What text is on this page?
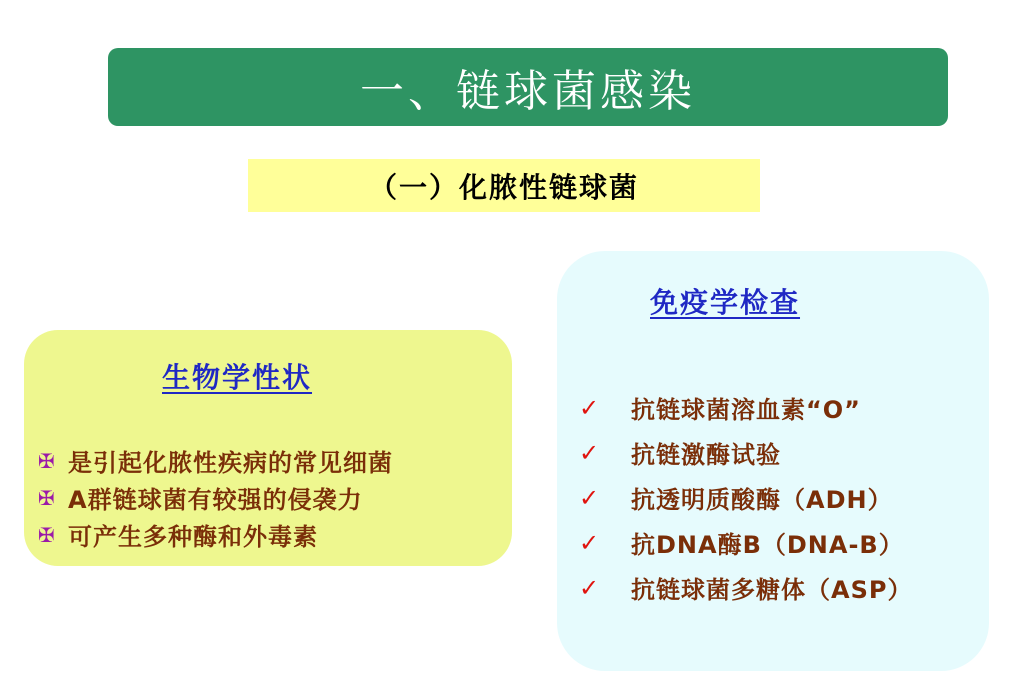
一、链球菌感染
（一）化脓性链球菌
生物学性状
✠ 是引起化脓性疾病的常见细菌
✠ A群链球菌有较强的侵袭力
✠ 可产生多种酶和外毒素
免疫学检查
✓	抗链球菌溶血素“O”
✓	抗链激酶试验
✓	抗透明质酸酶（ADH）
✓	抗DNA酶B（DNA-B）
✓	抗链球菌多糖体（ASP）
